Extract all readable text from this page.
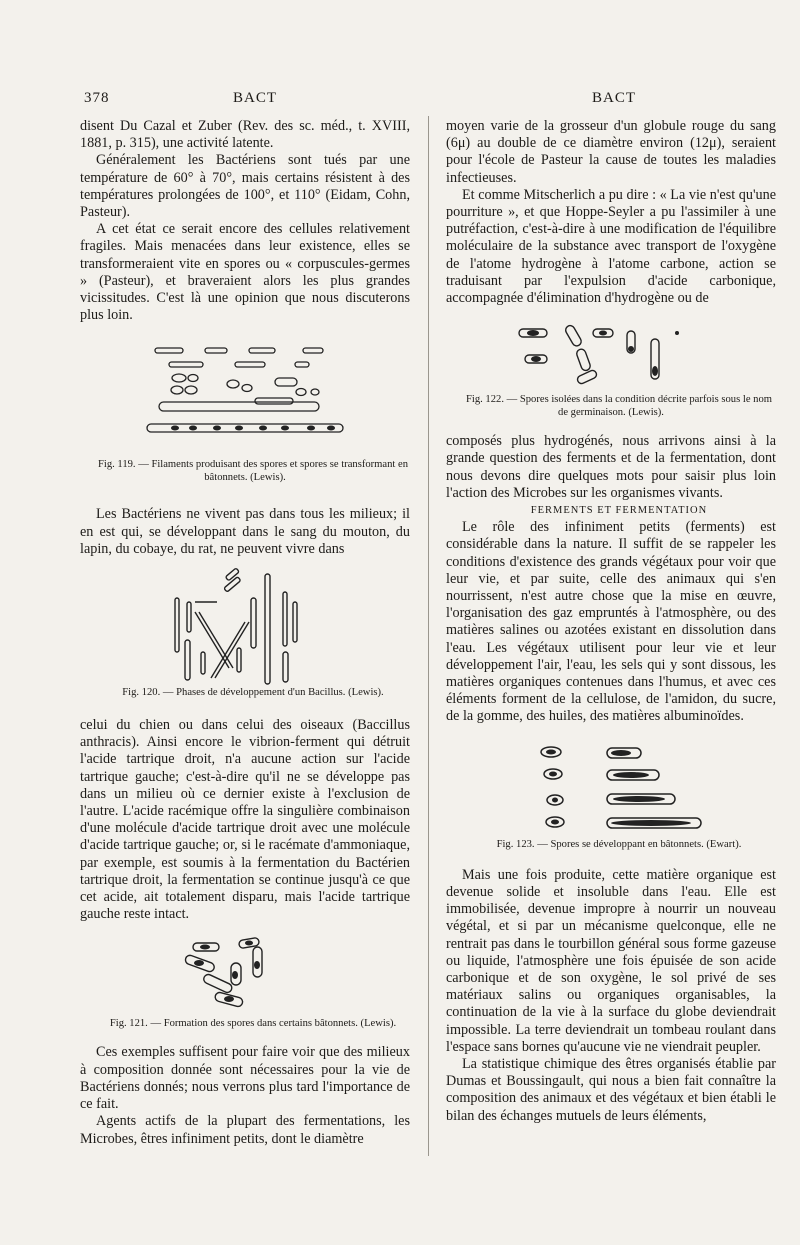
378	BACT	BACT

disent Du Cazal et Zuber (Rev. des sc. méd., t. XVIII, 1881, p. 315), une activité latente.

Généralement les Bactériens sont tués par une température de 60° à 70°, mais certains résistent à des températures prolongées de 100°, et 110° (Eidam, Cohn, Pasteur).

A cet état ce serait encore des cellules relativement fragiles. Mais menacées dans leur existence, elles se transformeraient vite en spores ou « corpuscules-germes » (Pasteur), et braveraient alors les plus grandes vicissitudes. C'est là une opinion que nous discuterons plus loin.

Fig. 119. — Filaments produisant des spores et spores se transformant en bâtonnets. (Lewis).

Les Bactériens ne vivent pas dans tous les milieux; il en est qui, se développant dans le sang du mouton, du lapin, du cobaye, du rat, ne peuvent vivre dans

Fig. 120. — Phases de développement d'un Bacillus. (Lewis).

celui du chien ou dans celui des oiseaux (Baccillus anthracis). Ainsi encore le vibrion-ferment qui détruit l'acide tartrique droit, n'a aucune action sur l'acide tartrique gauche; c'est-à-dire qu'il ne se développe pas dans un milieu où ce dernier existe à l'exclusion de l'autre. L'acide racémique offre la singulière combinaison d'une molécule d'acide tartrique droit avec une molécule d'acide tartrique gauche; or, si le racémate d'ammoniaque, par exemple, est soumis à la fermentation du Bactérien tartrique droit, la fermentation se continue jusqu'à ce que cet acide, ait totalement disparu, mais l'acide tartrique gauche reste intact.

Fig. 121. — Formation des spores dans certains bâtonnets. (Lewis).

Ces exemples suffisent pour faire voir que des milieux à composition donnée sont nécessaires pour la vie de Bactériens donnés; nous verrons plus tard l'importance de ce fait.

Agents actifs de la plupart des fermentations, les Microbes, êtres infiniment petits, dont le diamètre

moyen varie de la grosseur d'un globule rouge du sang (6μ) au double de ce diamètre environ (12μ), seraient pour l'école de Pasteur la cause de toutes les maladies infectieuses.

Et comme Mitscherlich a pu dire : « La vie n'est qu'une pourriture », et que Hoppe-Seyler a pu l'assimiler à une putréfaction, c'est-à-dire à une modification de l'équilibre moléculaire de la substance avec transport de l'oxygène de l'atome hydrogène à l'atome carbone, action se traduisant par l'expulsion d'acide carbonique, accompagnée d'élimination d'hydrogène ou de

Fig. 122. — Spores isolées dans la condition décrite parfois sous le nom de germinaison. (Lewis).

composés plus hydrogénés, nous arrivons ainsi à la grande question des ferments et de la fermentation, dont nous devons dire quelques mots pour saisir plus loin l'action des Microbes sur les organismes vivants.

FERMENTS ET FERMENTATION

Le rôle des infiniment petits (ferments) est considérable dans la nature. Il suffit de se rappeler les conditions d'existence des grands végétaux pour voir que leur vie, et par suite, celle des animaux qui s'en nourrissent, n'est autre chose que la mise en œuvre, l'organisation des gaz empruntés à l'atmosphère, ou des matières salines ou azotées existant en dissolution dans l'eau. Les végétaux utilisent pour leur vie et leur développement l'air, l'eau, les sels qui y sont dissous, les matières organiques contenues dans l'humus, et avec ces éléments forment de la cellulose, de l'amidon, du sucre, de la gomme, des huiles, des matières albuminoïdes.

Fig. 123. — Spores se développant en bâtonnets. (Ewart).

Mais une fois produite, cette matière organique est devenue solide et insoluble dans l'eau. Elle est immobilisée, devenue impropre à nourrir un nouveau végétal, et si par un mécanisme quelconque, elle ne rentrait pas dans le tourbillon général sous forme gazeuse ou liquide, l'atmosphère une fois épuisée de son acide carbonique et de son oxygène, le sol privé de ses matériaux salins ou organiques organisables, la continuation de la vie à la surface du globe deviendrait impossible. La terre deviendrait un tombeau roulant dans l'espace sans bornes qu'aucune vie ne viendrait peupler.

La statistique chimique des êtres organisés établie par Dumas et Boussingault, qui nous a bien fait connaître la composition des animaux et des végétaux et bien établi le bilan des échanges mutuels de leurs éléments,
